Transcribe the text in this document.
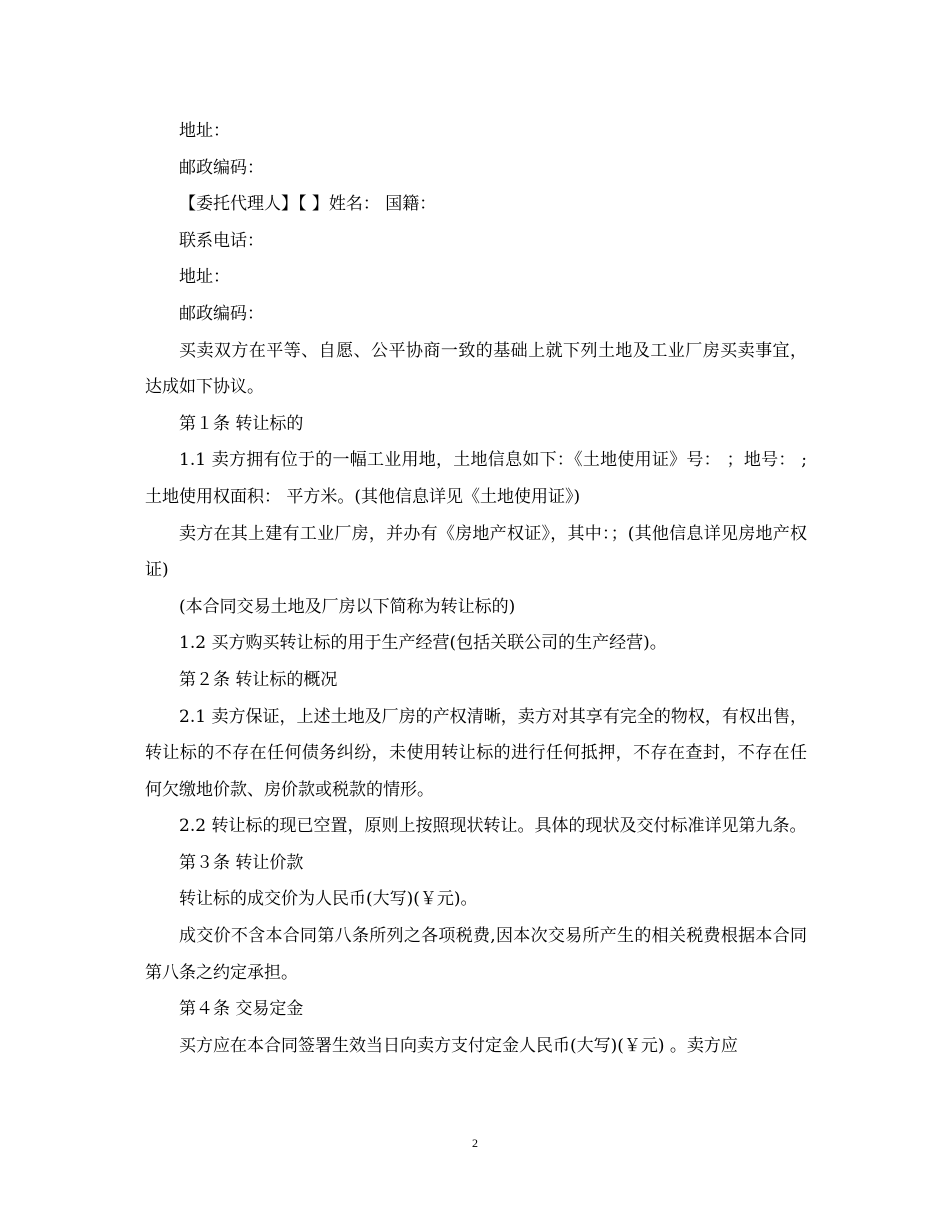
地址：

邮政编码：

【委托代理人】【 】姓名： 国籍：

联系电话：

地址：

邮政编码：

买卖双方在平等、自愿、公平协商一致的基础上就下列土地及工业厂房买卖事宜，达成如下协议。

第１条 转让标的

1.1 卖方拥有位于的一幅工业用地，土地信息如下：《土地使用证》号： ；地号： ;土地使用权面积： 平方米。(其他信息详见《土地使用证》)

卖方在其上建有工业厂房，并办有《房地产权证》，其中：；(其他信息详见房地产权证)

(本合同交易土地及厂房以下简称为转让标的)

1.2 买方购买转让标的用于生产经营(包括关联公司的生产经营)。

第２条 转让标的概况

2.1 卖方保证，上述土地及厂房的产权清晰，卖方对其享有完全的物权，有权出售，转让标的不存在任何债务纠纷，未使用转让标的进行任何抵押，不存在查封，不存在任何欠缴地价款、房价款或税款的情形。

2.2 转让标的现已空置，原则上按照现状转让。具体的现状及交付标准详见第九条。

第３条 转让价款

转让标的成交价为人民币(大写)(￥元)。

成交价不含本合同第八条所列之各项税费,因本次交易所产生的相关税费根据本合同第八条之约定承担。

第４条 交易定金

买方应在本合同签署生效当日向卖方支付定金人民币(大写)(￥元) 。卖方应

2
